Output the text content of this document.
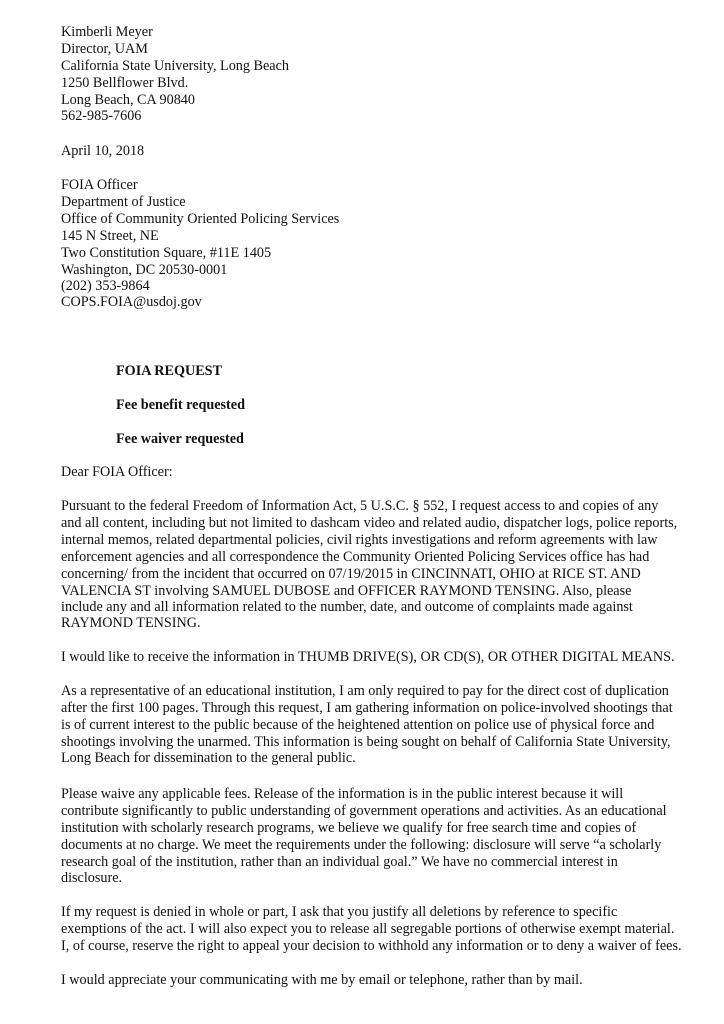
Kimberli Meyer
Director, UAM
California State University, Long Beach
1250 Bellflower Blvd.
Long Beach, CA 90840
562-985-7606
April 10, 2018
FOIA Officer
Department of Justice
Office of Community Oriented Policing Services
145 N Street, NE
Two Constitution Square, #11E 1405
Washington, DC 20530-0001
(202) 353-9864
COPS.FOIA@usdoj.gov
FOIA REQUEST
Fee benefit requested
Fee waiver requested
Dear FOIA Officer:
Pursuant to the federal Freedom of Information Act, 5 U.S.C. § 552, I request access to and copies of any
and all content, including but not limited to dashcam video and related audio, dispatcher logs, police reports,
internal memos, related departmental policies, civil rights investigations and reform agreements with law
enforcement agencies and all correspondence the Community Oriented Policing Services office has had
concerning/ from the incident that occurred on 07/19/2015 in CINCINNATI, OHIO at RICE ST. AND
VALENCIA ST involving SAMUEL DUBOSE and OFFICER RAYMOND TENSING. Also, please
include any and all information related to the number, date, and outcome of complaints made against
RAYMOND TENSING.
I would like to receive the information in THUMB DRIVE(S), OR CD(S), OR OTHER DIGITAL MEANS.
As a representative of an educational institution, I am only required to pay for the direct cost of duplication
after the first 100 pages. Through this request, I am gathering information on police-involved shootings that
is of current interest to the public because of the heightened attention on police use of physical force and
shootings involving the unarmed. This information is being sought on behalf of California State University,
Long Beach for dissemination to the general public.
Please waive any applicable fees. Release of the information is in the public interest because it will
contribute significantly to public understanding of government operations and activities. As an educational
institution with scholarly research programs, we believe we qualify for free search time and copies of
documents at no charge. We meet the requirements under the following: disclosure will serve “a scholarly
research goal of the institution, rather than an individual goal.” We have no commercial interest in
disclosure.
If my request is denied in whole or part, I ask that you justify all deletions by reference to specific
exemptions of the act. I will also expect you to release all segregable portions of otherwise exempt material.
I, of course, reserve the right to appeal your decision to withhold any information or to deny a waiver of fees.
I would appreciate your communicating with me by email or telephone, rather than by mail.
